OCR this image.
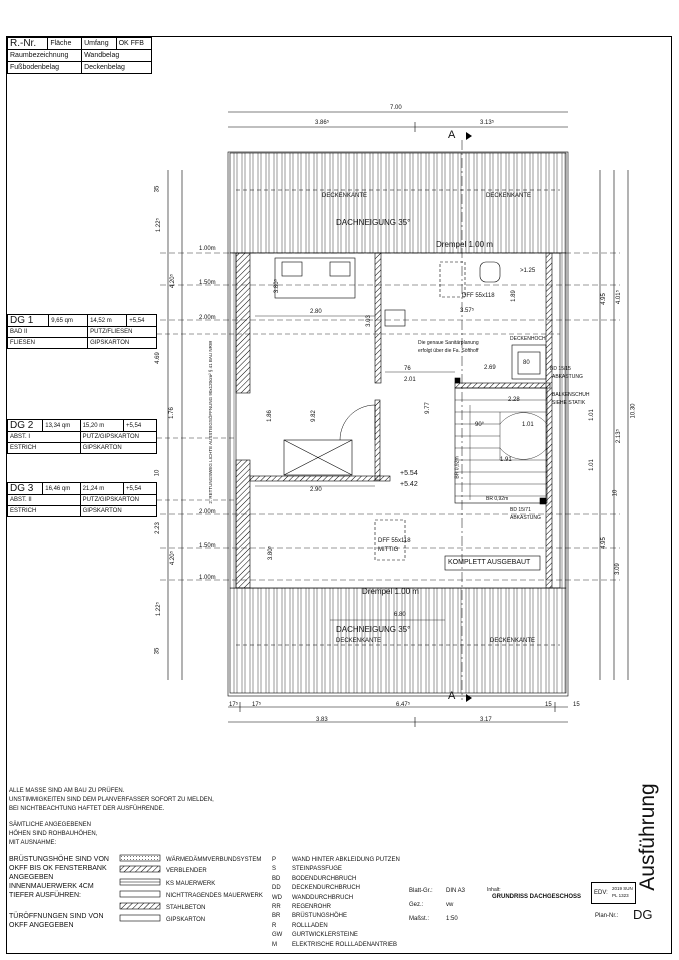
R.-Nr.	Fläche	Umfang	OK FFB
Raumbezeichnung		Wandbelag	
Fußbodenbelag		Deckenbelag	
DG 1	9,65 qm	14,52 m	+5,54
BAD II		PUTZ/FLIESEN	
FLIESEN		GIPSKARTON	
DG 2	13,34 qm	15,20 m	+5,54
ABST. I		PUTZ/GIPSKARTON	
ESTRICH		GIPSKARTON	
DG 3	16,46 qm	21,24 m	+5,54
ABST. II		PUTZ/GIPSKARTON	
ESTRICH		GIPSKARTON	
7.00
3.86⁵	3.13⁵
A
A
DECKENKANTE	DECKENKANTE
DACHNEIGUNG 35°
Drempel 1.00 m
DACHNEIGUNG 35°
Drempel 1.00 m
DECKENKANTE	DECKENKANTE
DFF 55x118
DFF 55x118
MITTIG
Die genaue Sanitärplanung
erfolgt über die Fa. Söfthoff
DECKENHOCH
KOMPLETT AUSGEBAUT
BD 15/15
ABKASTUNG
BALKENSCHUH
SIEHE STATIK
BD 15/71
ABKASTUNG
+5.54
+5.42
2.80
2.90
2.69
2.01
76
1.86	9.82
9.77
6.80
1.89
>1.25
3.57⁵
3.03
2.28
1.01
1.91
80
90°
3.80⁵
3.80⁵
1.00m
1.50m
2.00m
2.00m
1.50m
1.00m
4.20⁵
4.20⁵
4.69
2.23
1.76
1.22⁵
1.22⁵
35
35
10	2. RETTUNGSWEG LICHTE AUSSTIEGSÖFFNUNG 90x120cm² § 41 BAU NRW
4.95
4.95
4.01⁵
10.30
3.09
2.13⁵
1.01
1.01
10
3.83	3.17
6.47⁵
17⁵ 17⁵	15	15
BR 0,92m
BR 0,92m
ALLE MASSE SIND AM BAU ZU PRÜFEN.
UNSTIMMIGKEITEN SIND DEM PLANVERFASSER SOFORT ZU MELDEN,
BEI NICHTBEACHTUNG HAFTET DER AUSFÜHRENDE.
SÄMTLICHE ANGEGEBENEN
HÖHEN SIND ROHBAUHÖHEN,
MIT AUSNAHME:
BRÜSTUNGSHÖHE SIND VON
OKFF BIS OK FENSTERBANK
ANGEGEBEN
INNENMAUERWERK 4CM
TIEFER AUSFÜHREN:
TÜRÖFFNUNGEN SIND VON
OKFF ANGEGEBEN
WÄRMEDÄMMVERBUNDSYSTEM
VERBLENDER
KS MAUERWERK
NICHTTRAGENDES MAUERWERK
STAHLBETON
GIPSKARTON
P	WAND HINTER ABKLEIDUNG PUTZEN
S	STEINPASSFUGE
BD BODENDURCHBRUCH
DD DECKENDURCHBRUCH
WD WANDDURCHBRUCH
RR REGENROHR
BR BRÜSTUNGSHÖHE
R	ROLLLADEN
GW GURTWICKLERSTEINE
M	ELEKTRISCHE ROLLLADENANTRIEB
Blatt-Gr.: DIN A3
Gez.:	vw
Maßst.:	1:50
Inhalt:
GRUNDRISS DACHGESCHOSS
EDV:
2019 SUN
PL 1323
Plan-Nr.: DG
Ausführung
